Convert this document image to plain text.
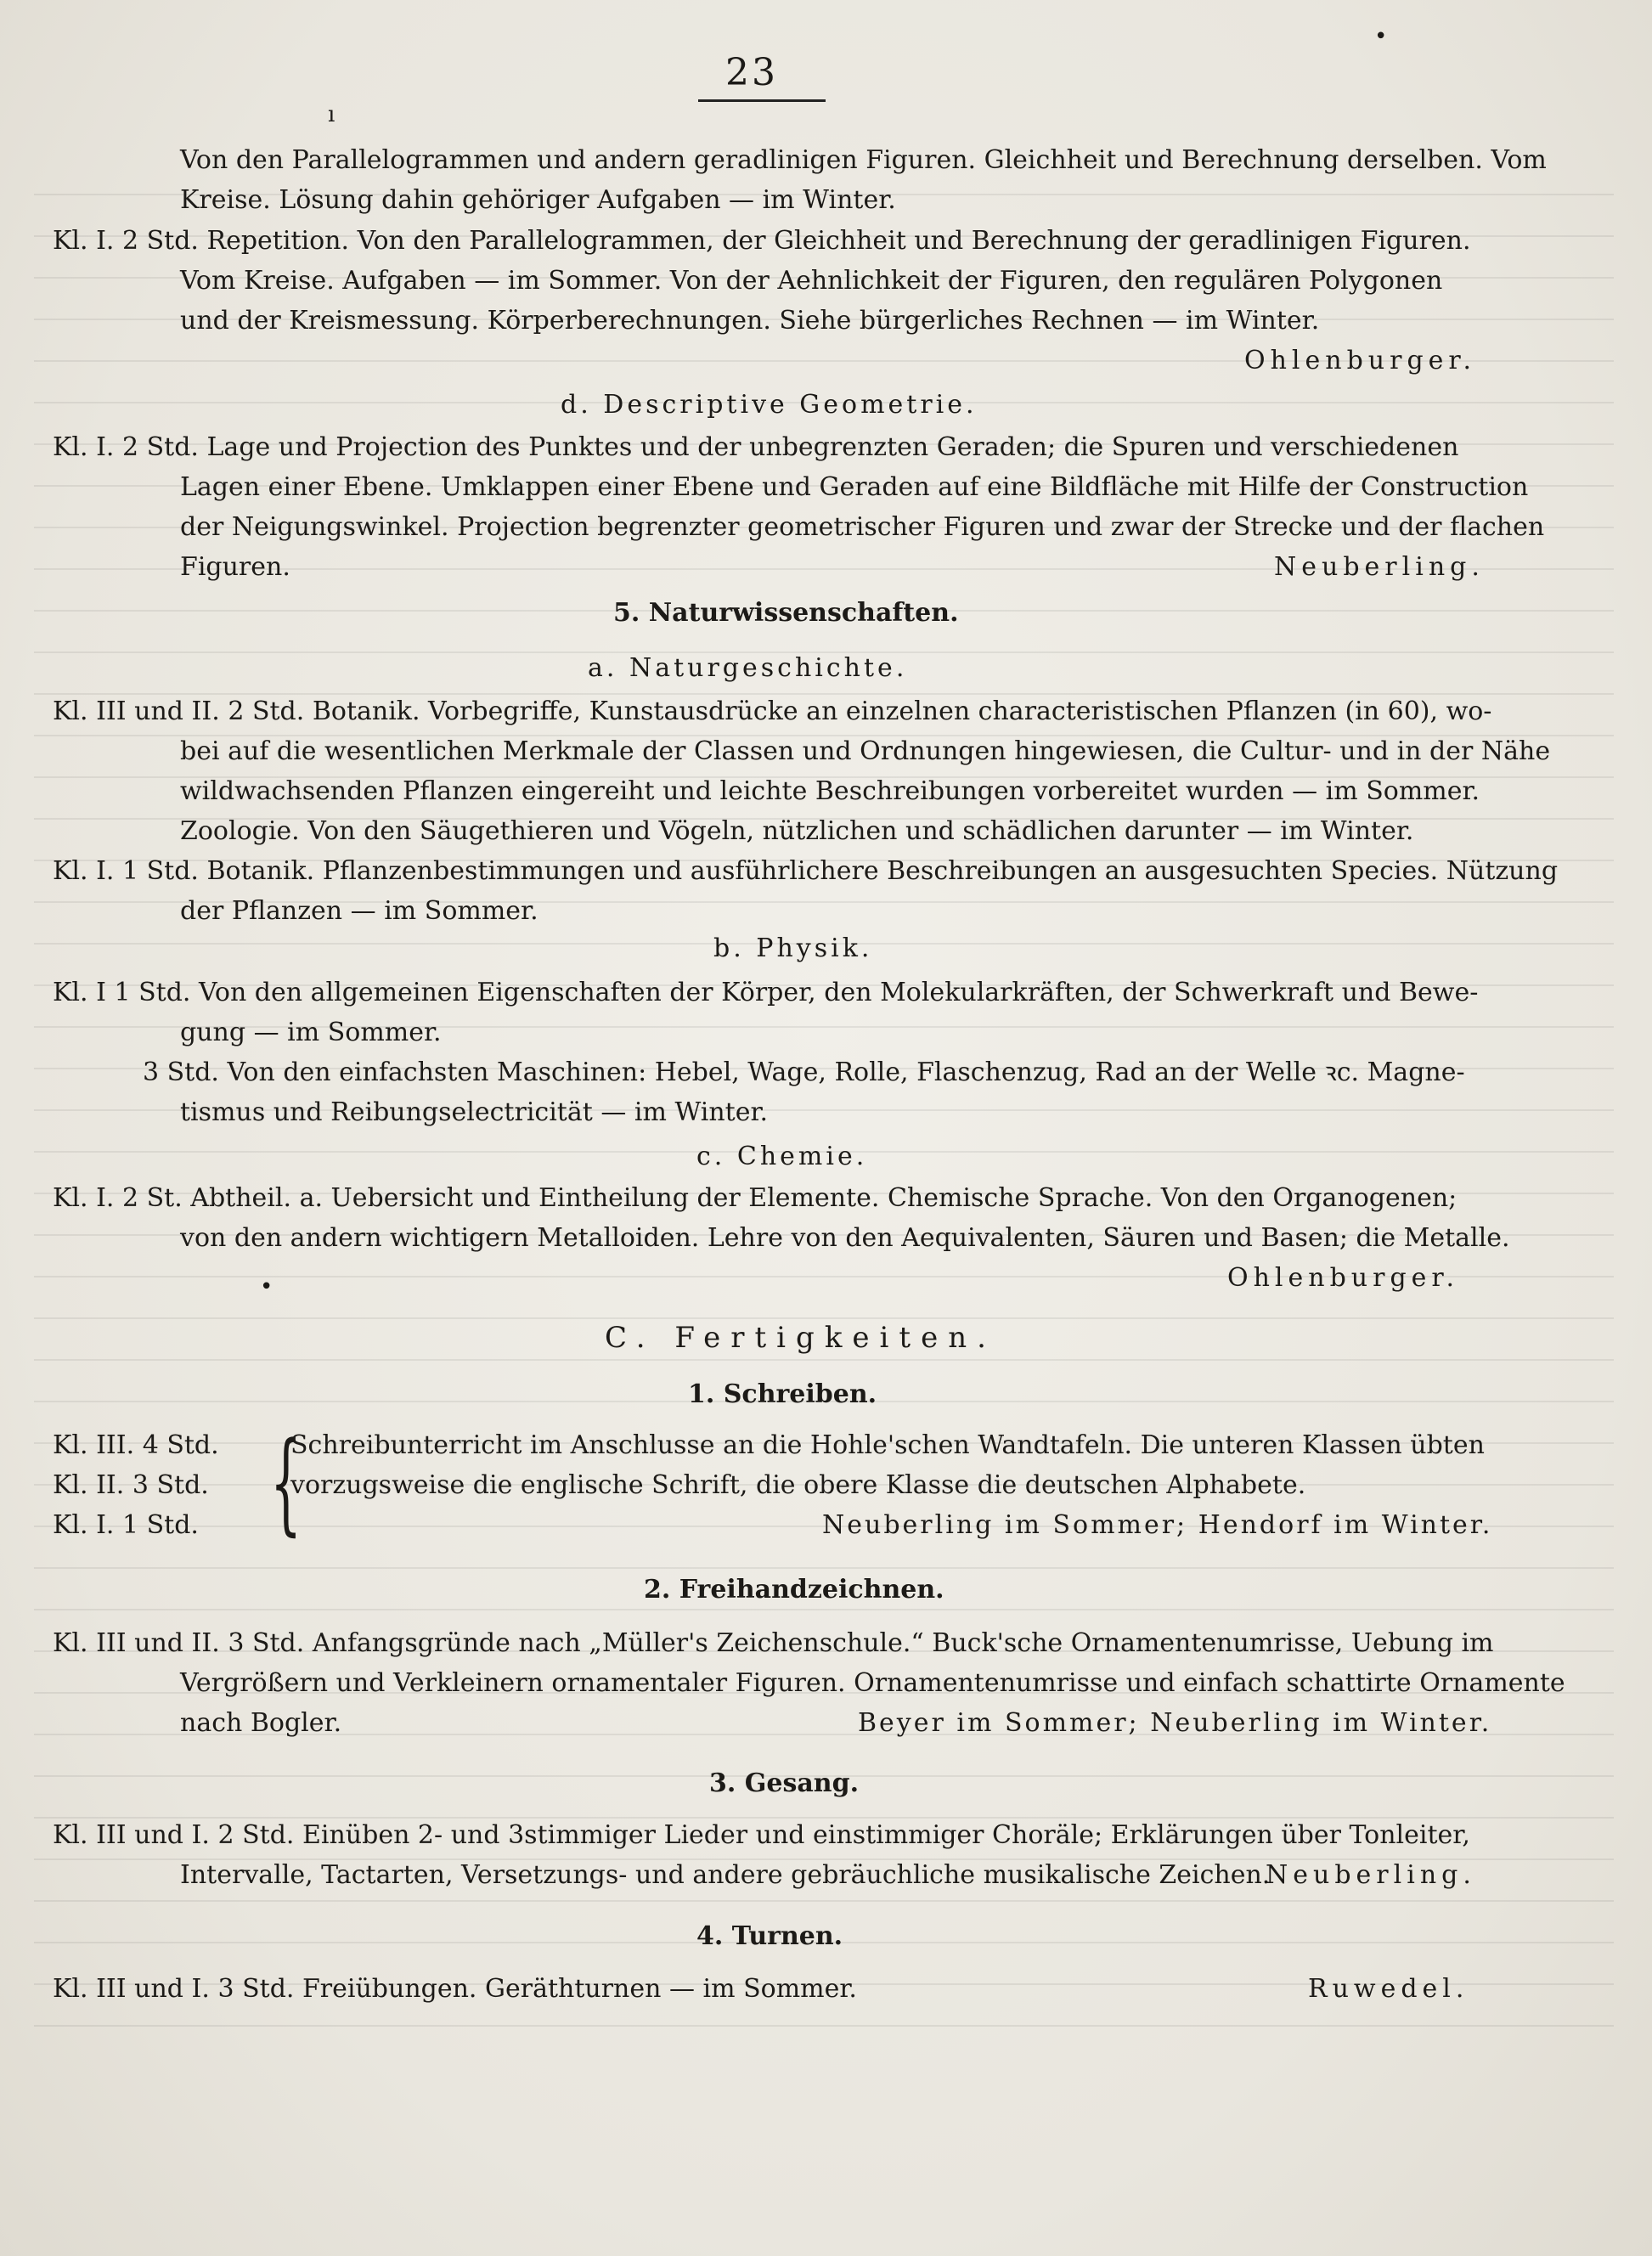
23
•
ı
Von den Parallelogrammen und andern geradlinigen Figuren. Gleichheit und Berechnung derselben. Vom
Kreise. Lösung dahin gehöriger Aufgaben — im Winter.
Kl. I. 2 Std. Repetition. Von den Parallelogrammen, der Gleichheit und Berechnung der geradlinigen Figuren.
Vom Kreise. Aufgaben — im Sommer. Von der Aehnlichkeit der Figuren, den regulären Polygonen
und der Kreismessung. Körperberechnungen. Siehe bürgerliches Rechnen — im Winter.
Ohlenburger.
d. Descriptive Geometrie.
Kl. I. 2 Std. Lage und Projection des Punktes und der unbegrenzten Geraden; die Spuren und verschiedenen
Lagen einer Ebene. Umklappen einer Ebene und Geraden auf eine Bildfläche mit Hilfe der Construction
der Neigungswinkel. Projection begrenzter geometrischer Figuren und zwar der Strecke und der flachen
Figuren.	Neuberling.
5. Naturwissenschaften.
a. Naturgeschichte.
Kl. III und II. 2 Std. Botanik. Vorbegriffe, Kunstausdrücke an einzelnen characteristischen Pflanzen (in 60), wo-
bei auf die wesentlichen Merkmale der Classen und Ordnungen hingewiesen, die Cultur- und in der Nähe
wildwachsenden Pflanzen eingereiht und leichte Beschreibungen vorbereitet wurden — im Sommer.
Zoologie. Von den Säugethieren und Vögeln, nützlichen und schädlichen darunter — im Winter.
Kl. I. 1 Std. Botanik. Pflanzenbestimmungen und ausführlichere Beschreibungen an ausgesuchten Species. Nützung
der Pflanzen — im Sommer.
b. Physik.
Kl. I 1 Std. Von den allgemeinen Eigenschaften der Körper, den Molekularkräften, der Schwerkraft und Bewe-
gung — im Sommer.
3 Std. Von den einfachsten Maschinen: Hebel, Wage, Rolle, Flaschenzug, Rad an der Welle ꝛc. Magne-
tismus und Reibungselectricität — im Winter.
c. Chemie.
Kl. I. 2 St. Abtheil. a. Uebersicht und Eintheilung der Elemente. Chemische Sprache. Von den Organogenen;
von den andern wichtigern Metalloiden. Lehre von den Aequivalenten, Säuren und Basen; die Metalle.
Ohlenburger.
•
C. Fertigkeiten.
1. Schreiben.
Kl. III. 4 Std.	Schreibunterricht im Anschlusse an die Hohle'schen Wandtafeln. Die unteren Klassen übten
Kl. II. 3 Std.	vorzugsweise die englische Schrift, die obere Klasse die deutschen Alphabete.
Kl. I. 1 Std.	Neuberling im Sommer; Hendorf im Winter.
{
2. Freihandzeichnen.
Kl. III und II. 3 Std. Anfangsgründe nach „Müller's Zeichenschule.“ Buck'sche Ornamentenumrisse, Uebung im
Vergrößern und Verkleinern ornamentaler Figuren. Ornamentenumrisse und einfach schattirte Ornamente
nach Bogler.	Beyer im Sommer; Neuberling im Winter.
3. Gesang.
Kl. III und I. 2 Std. Einüben 2- und 3stimmiger Lieder und einstimmiger Choräle; Erklärungen über Tonleiter,
Intervalle, Tactarten, Versetzungs- und andere gebräuchliche musikalische Zeichen.
Neuberling.
4. Turnen.
Kl. III und I. 3 Std. Freiübungen. Geräthturnen — im Sommer.	Ruwedel.
